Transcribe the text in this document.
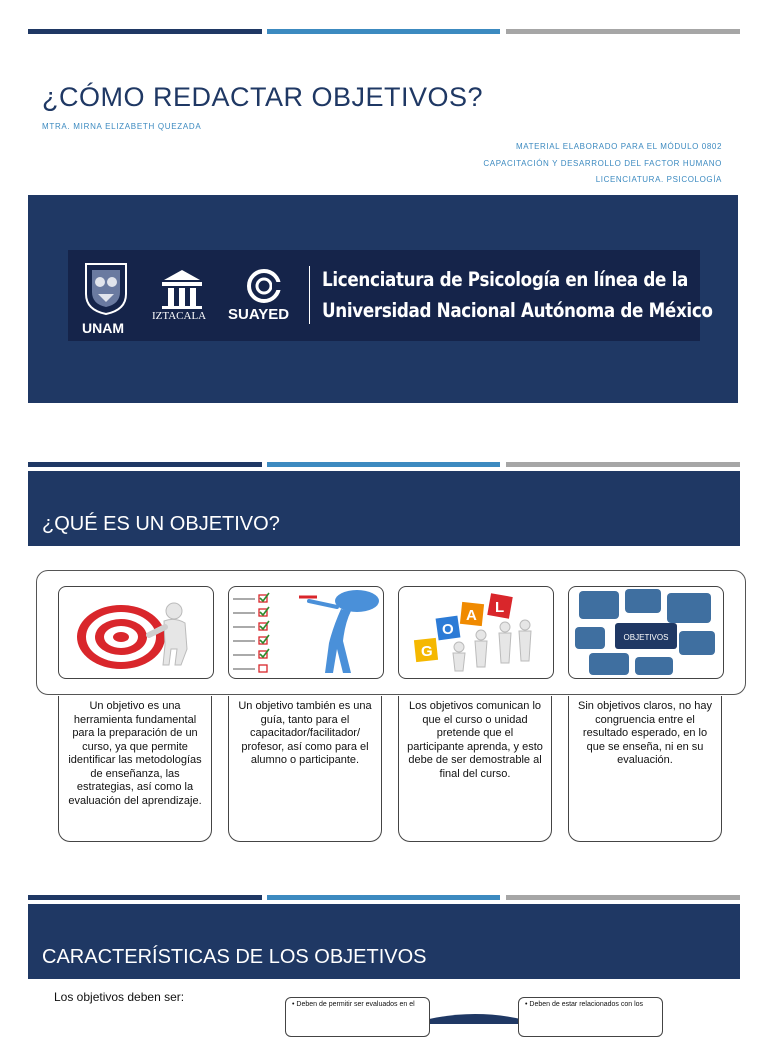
¿CÓMO REDACTAR OBJETIVOS?
MTRA. MIRNA ELIZABETH QUEZADA
MATERIAL ELABORADO PARA EL MÓDULO 0802
CAPACITACIÓN Y DESARROLLO DEL FACTOR HUMANO
LICENCIATURA. PSICOLOGÍA
UNAM
IZTACALA SUAYED
Licenciatura de Psicología en línea de la
Universidad Nacional Autónoma de México
¿QUÉ ES UN OBJETIVO?
G
O
A L
OBJETIVOS
Un objetivo es una herramienta fundamental para la preparación de un curso, ya que permite identificar las metodologías de enseñanza, las estrategias, así como la evaluación del aprendizaje.
Un objetivo también es una guía, tanto para el capacitador/facilitador/ profesor, así como para el alumno o participante.
Los objetivos comunican lo que el curso o unidad pretende que el participante aprenda, y esto debe de ser demostrable al final del curso.
Sin objetivos claros, no hay congruencia entre el resultado esperado, en lo que se enseña, ni en su evaluación.
CARACTERÍSTICAS DE LOS OBJETIVOS
Los objetivos deben ser:
• Deben de permitir ser evaluados en el	• Deben de estar relacionados con los
